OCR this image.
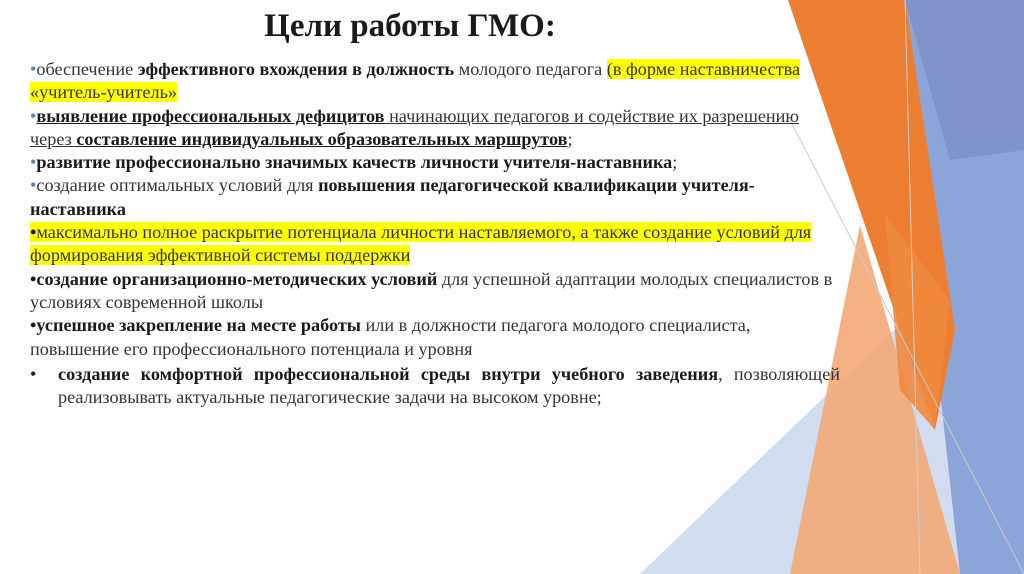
Цели работы ГМО:
•обеспечение эффективного вхождения в должность молодого педагога (в форме наставничества «учитель-учитель»
•выявление профессиональных дефицитов начинающих педагогов и содействие их разрешению через составление индивидуальных образовательных маршрутов;
•развитие профессионально значимых качеств личности учителя-наставника;
•создание оптимальных условий для повышения педагогической квалификации учителя-наставника
•максимально полное раскрытие потенциала личности наставляемого, а также создание условий для формирования эффективной системы поддержки
•создание организационно-методических условий для успешной адаптации молодых специалистов в условиях современной школы
•успешное закрепление на месте работы или в должности педагога молодого специалиста, повышение его профессионального потенциала и уровня
•	создание комфортной профессиональной среды внутри учебного заведения, позволяющей реализовывать актуальные педагогические задачи на высоком уровне;
